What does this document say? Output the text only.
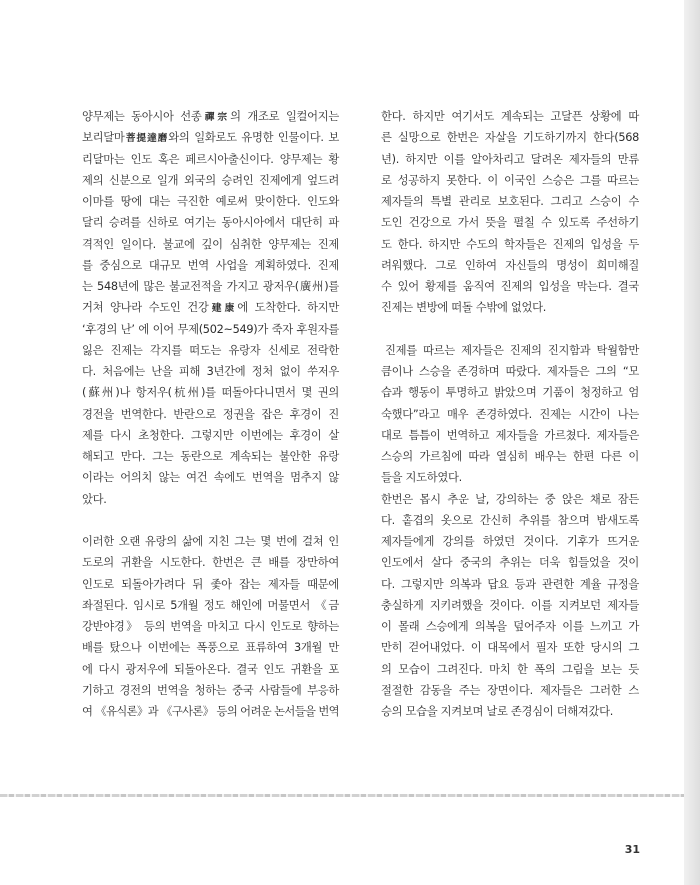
양무제는 동아시아 선종禪宗의 개조로 일컬어지는
보리달마菩提達磨와의 일화로도 유명한 인물이다. 보
리달마는 인도 혹은 페르시아출신이다. 양무제는 황
제의 신분으로 일개 외국의 승려인 진제에게 엎드려
이마를 땅에 대는 극진한 예로써 맞이한다. 인도와
달리 승려를 신하로 여기는 동아시아에서 대단히 파
격적인 일이다. 불교에 깊이 심취한 양무제는 진제
를 중심으로 대규모 번역 사업을 계획하였다. 진제
는 548년에 많은 불교전적을 가지고 광저우(廣州)를
거쳐 양나라 수도인 건강建康에 도착한다. 하지만
‘후경의 난’ 에 이어 무제(502~549)가 죽자 후원자를
잃은 진제는 각지를 떠도는 유랑자 신세로 전락한
다. 처음에는 난을 피해 3년간에 정처 없이 쑤저우
(蘇州)나 항저우(杭州)를 떠돌아다니면서 몇 권의
경전을 번역한다. 반란으로 정권을 잡은 후경이 진
제를 다시 초청한다. 그렇지만 이번에는 후경이 살
해되고 만다. 그는 동란으로 계속되는 불안한 유랑
이라는 어의치 않는 여건 속에도 번역을 멈추지 않
았다.
이러한 오랜 유랑의 삶에 지친 그는 몇 번에 걸쳐 인
도로의 귀환을 시도한다. 한번은 큰 배를 장만하여
인도로 되돌아가려다 뒤 좇아 잡는 제자들 때문에
좌절된다. 임시로 5개월 정도 해인에 머물면서 《금
강반야경》 등의 번역을 마치고 다시 인도로 향하는
배를 탔으나 이번에는 폭풍으로 표류하여 3개월 만
에 다시 광저우에 되돌아온다. 결국 인도 귀환을 포
기하고 경전의 번역을 청하는 중국 사람들에 부응하
여 《유식론》과 《구사론》 등의 어려운 논서들을 번역
한다. 하지만 여기서도 계속되는 고달픈 상황에 따
른 실망으로 한번은 자살을 기도하기까지 한다(568
년). 하지만 이를 알아차리고 달려온 제자들의 만류
로 성공하지 못한다. 이 이국인 스승은 그를 따르는
제자들의 특별 관리로 보호된다. 그리고 스승이 수
도인 건강으로 가서 뜻을 펼칠 수 있도록 주선하기
도 한다. 하지만 수도의 학자들은 진제의 입성을 두
려워했다. 그로 인하여 자신들의 명성이 희미해질
수 있어 황제를 움직여 진제의 입성을 막는다. 결국
진제는 변방에 떠돌 수밖에 없었다.
진제를 따르는 제자들은 진제의 진지함과 탁월함만
큼이나 스승을 존경하며 따랐다. 제자들은 그의 “모
습과 행동이 투명하고 밝았으며 기품이 청정하고 엄
숙했다”라고 매우 존경하였다. 진제는 시간이 나는
대로 틈틈이 번역하고 제자들을 가르쳤다. 제자들은
스승의 가르침에 따라 열심히 배우는 한편 다른 이
들을 지도하였다.
한번은 몹시 추운 날, 강의하는 중 앉은 채로 잠든
다. 홑겹의 옷으로 간신히 추위를 참으며 밤새도록
제자들에게 강의를 하였던 것이다. 기후가 뜨거운
인도에서 살다 중국의 추위는 더욱 힘들었을 것이
다. 그렇지만 의복과 답요 등과 관련한 계율 규정을
충실하게 지키려했을 것이다. 이를 지켜보던 제자들
이 몰래 스승에게 의복을 덮어주자 이를 느끼고 가
만히 걷어내었다. 이 대목에서 필자 또한 당시의 그
의 모습이 그려진다. 마치 한 폭의 그림을 보는 듯
절절한 감동을 주는 장면이다. 제자들은 그러한 스
승의 모습을 지켜보며 날로 존경심이 더해져갔다.
31
